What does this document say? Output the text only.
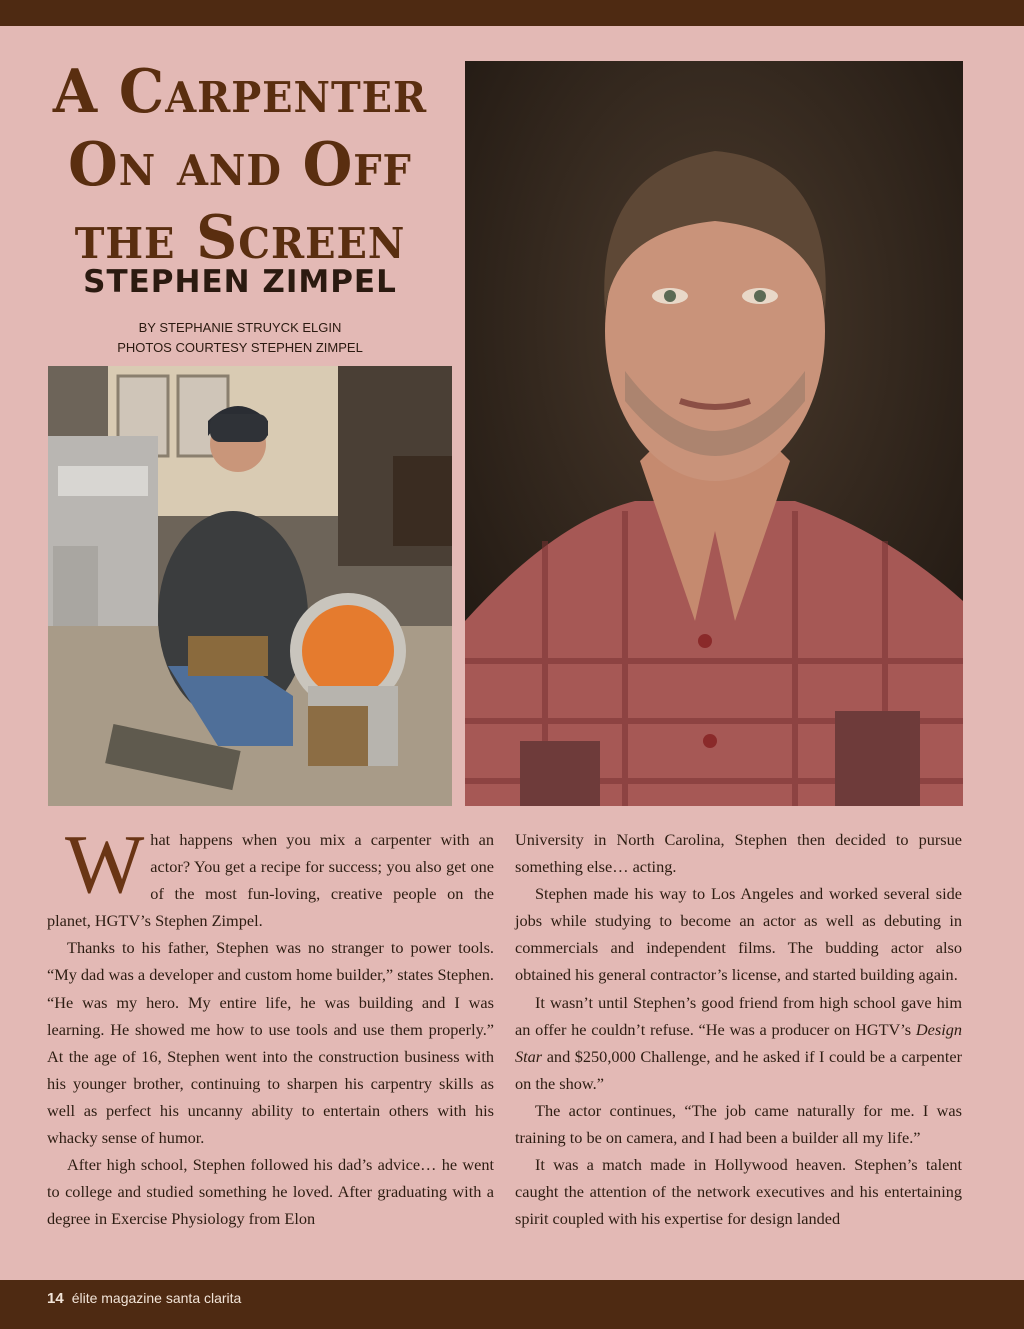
A Carpenter
On and Off
the Screen
STEPHEN ZIMPEL
BY STEPHANIE STRUYCK ELGIN
PHOTOS COURTESY STEPHEN ZIMPEL

What happens when you mix a carpenter with an actor? You get a recipe for success; you also get one of the most fun-loving, creative people on the planet, HGTV’s Stephen Zimpel.

Thanks to his father, Stephen was no stranger to power tools. “My dad was a developer and custom home builder,” states Stephen. “He was my hero. My entire life, he was building and I was learning. He showed me how to use tools and use them properly.” At the age of 16, Stephen went into the construction business with his younger brother, continuing to sharpen his carpentry skills as well as perfect his uncanny ability to entertain others with his whacky sense of humor.

After high school, Stephen followed his dad’s advice… he went to college and studied something he loved. After graduating with a degree in Exercise Physiology from Elon

University in North Carolina, Stephen then decided to pursue something else… acting.

Stephen made his way to Los Angeles and worked several side jobs while studying to become an actor as well as debuting in commercials and independent films. The budding actor also obtained his general contractor’s license, and started building again.

It wasn’t until Stephen’s good friend from high school gave him an offer he couldn’t refuse. “He was a producer on HGTV’s Design Star and $250,000 Challenge, and he asked if I could be a carpenter on the show.”

The actor continues, “The job came naturally for me. I was training to be on camera, and I had been a builder all my life.”

It was a match made in Hollywood heaven. Stephen’s talent caught the attention of the network executives and his entertaining spirit coupled with his expertise for design landed

14 élite magazine santa clarita
